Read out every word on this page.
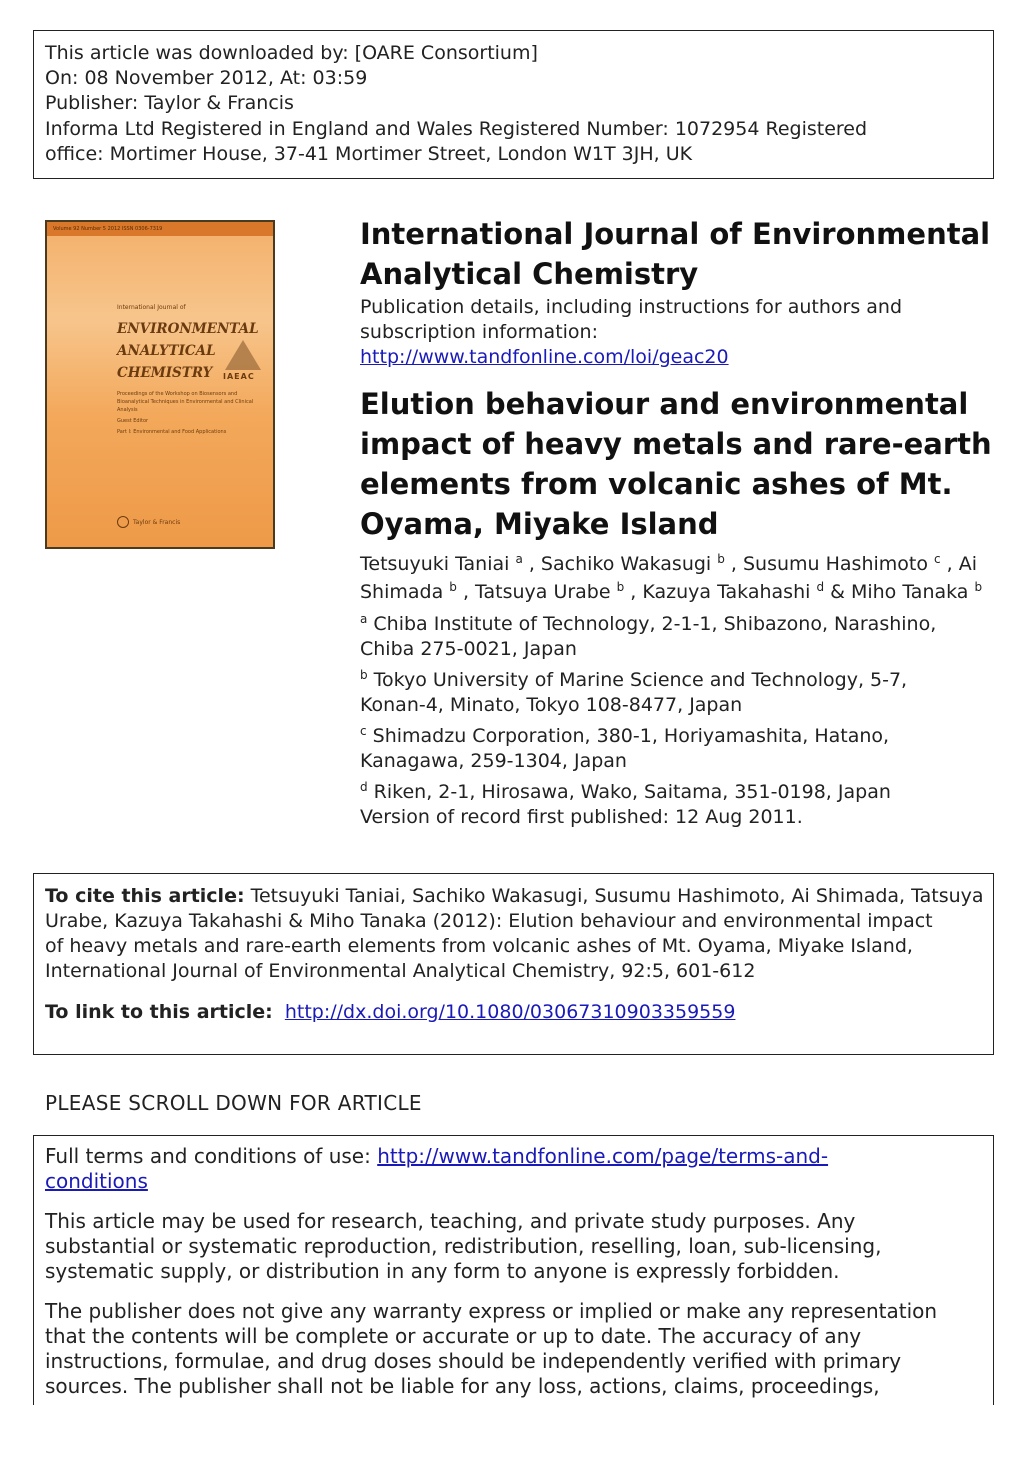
This article was downloaded by: [OARE Consortium]
On: 08 November 2012, At: 03:59
Publisher: Taylor & Francis
Informa Ltd Registered in England and Wales Registered Number: 1072954 Registered
office: Mortimer House, 37-41 Mortimer Street, London W1T 3JH, UK
Volume 92 Number 5 2012 ISSN 0306-7319
International Journal of
ENVIRONMENTAL
ANALYTICAL
CHEMISTRY	IAEAC
Proceedings of the Workshop on Biosensors and Bioanalytical Techniques in Environmental and Clinical Analysis
Guest Editor
Part I: Environmental and Food Applications
Taylor & Francis
International Journal of Environmental
Analytical Chemistry
Publication details, including instructions for authors and
subscription information:
http://www.tandfonline.com/loi/geac20
Elution behaviour and environmental
impact of heavy metals and rare-earth
elements from volcanic ashes of Mt.
Oyama, Miyake Island
Tetsuyuki Taniai $^a$ , Sachiko Wakasugi $^b$ , Susumu Hashimoto $^c$ , Ai
Shimada $^b$ , Tatsuya Urabe $^b$ , Kazuya Takahashi $^d$ & Miho Tanaka $^b$
$^a$ Chiba Institute of Technology, 2-1-1, Shibazono, Narashino,
Chiba 275-0021, Japan
$^b$ Tokyo University of Marine Science and Technology, 5-7,
Konan-4, Minato, Tokyo 108-8477, Japan
$^c$ Shimadzu Corporation, 380-1, Horiyamashita, Hatano,
Kanagawa, 259-1304, Japan
$^d$ Riken, 2-1, Hirosawa, Wako, Saitama, 351-0198, Japan
Version of record first published: 12 Aug 2011.
To cite this article: Tetsuyuki Taniai, Sachiko Wakasugi, Susumu Hashimoto, Ai Shimada, Tatsuya
Urabe, Kazuya Takahashi & Miho Tanaka (2012): Elution behaviour and environmental impact
of heavy metals and rare-earth elements from volcanic ashes of Mt. Oyama, Miyake Island,
International Journal of Environmental Analytical Chemistry, 92:5, 601-612
To link to this article: http://dx.doi.org/10.1080/03067310903359559
PLEASE SCROLL DOWN FOR ARTICLE
Full terms and conditions of use: http://www.tandfonline.com/page/terms-and-
conditions
This article may be used for research, teaching, and private study purposes. Any
substantial or systematic reproduction, redistribution, reselling, loan, sub-licensing,
systematic supply, or distribution in any form to anyone is expressly forbidden.
The publisher does not give any warranty express or implied or make any representation
that the contents will be complete or accurate or up to date. The accuracy of any
instructions, formulae, and drug doses should be independently verified with primary
sources. The publisher shall not be liable for any loss, actions, claims, proceedings,
